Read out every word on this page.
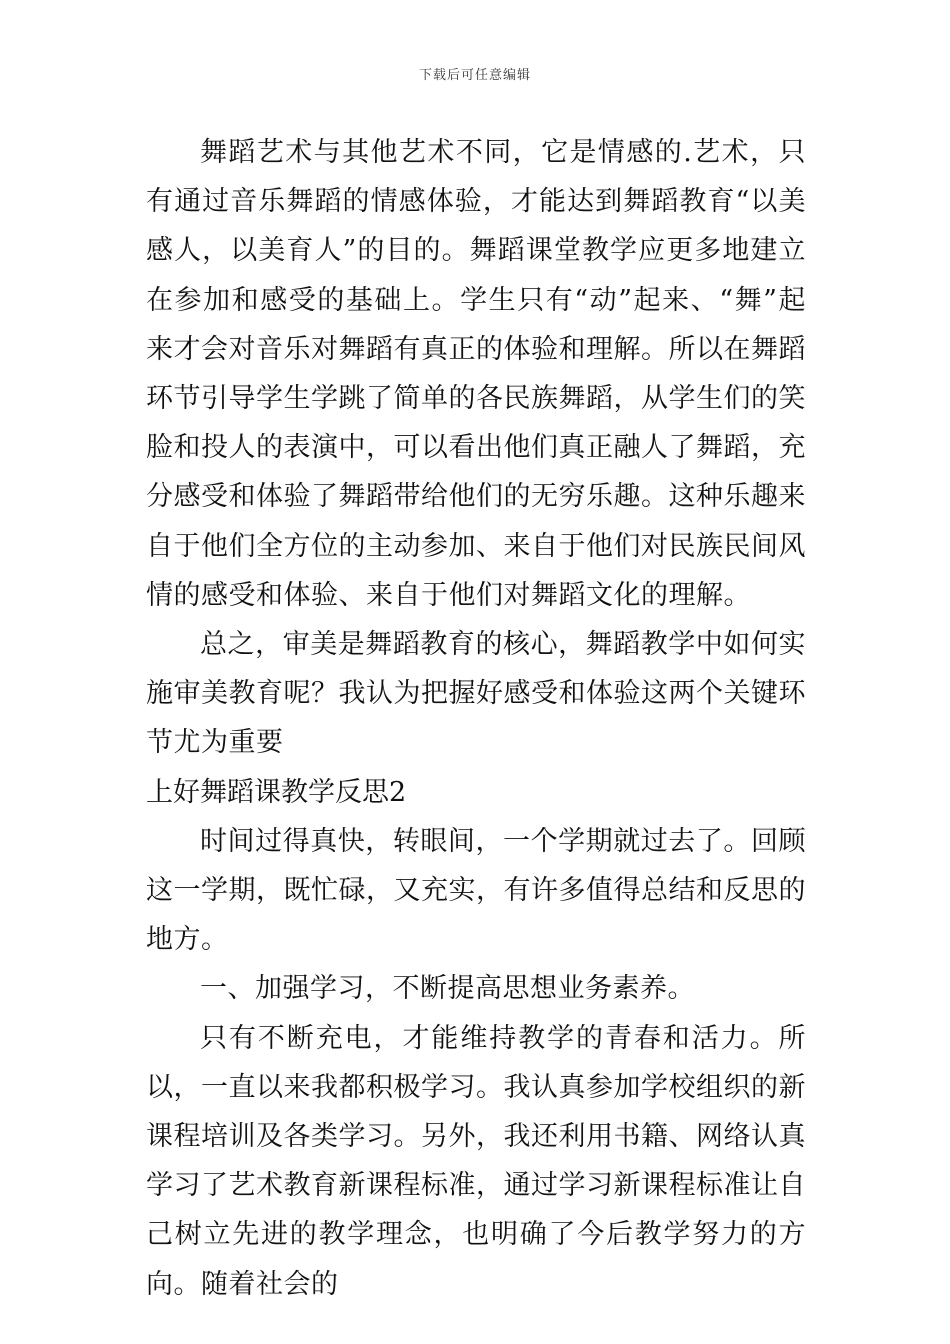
下载后可任意编辑

舞蹈艺术与其他艺术不同，它是情感的.艺术，只有通过音乐舞蹈的情感体验，才能达到舞蹈教育“以美感人，以美育人”的目的。舞蹈课堂教学应更多地建立在参加和感受的基础上。学生只有“动”起来、“舞”起来才会对音乐对舞蹈有真正的体验和理解。所以在舞蹈环节引导学生学跳了简单的各民族舞蹈，从学生们的笑脸和投人的表演中，可以看出他们真正融人了舞蹈，充分感受和体验了舞蹈带给他们的无穷乐趣。这种乐趣来自于他们全方位的主动参加、来自于他们对民族民间风情的感受和体验、来自于他们对舞蹈文化的理解。

总之，审美是舞蹈教育的核心，舞蹈教学中如何实施审美教育呢？我认为把握好感受和体验这两个关键环节尤为重要

上好舞蹈课教学反思2

时间过得真快，转眼间，一个学期就过去了。回顾这一学期，既忙碌，又充实，有许多值得总结和反思的地方。

一、加强学习，不断提高思想业务素养。

只有不断充电，才能维持教学的青春和活力。所以，一直以来我都积极学习。我认真参加学校组织的新课程培训及各类学习。另外，我还利用书籍、网络认真学习了艺术教育新课程标准，通过学习新课程标准让自己树立先进的教学理念，也明确了今后教学努力的方向。随着社会的
